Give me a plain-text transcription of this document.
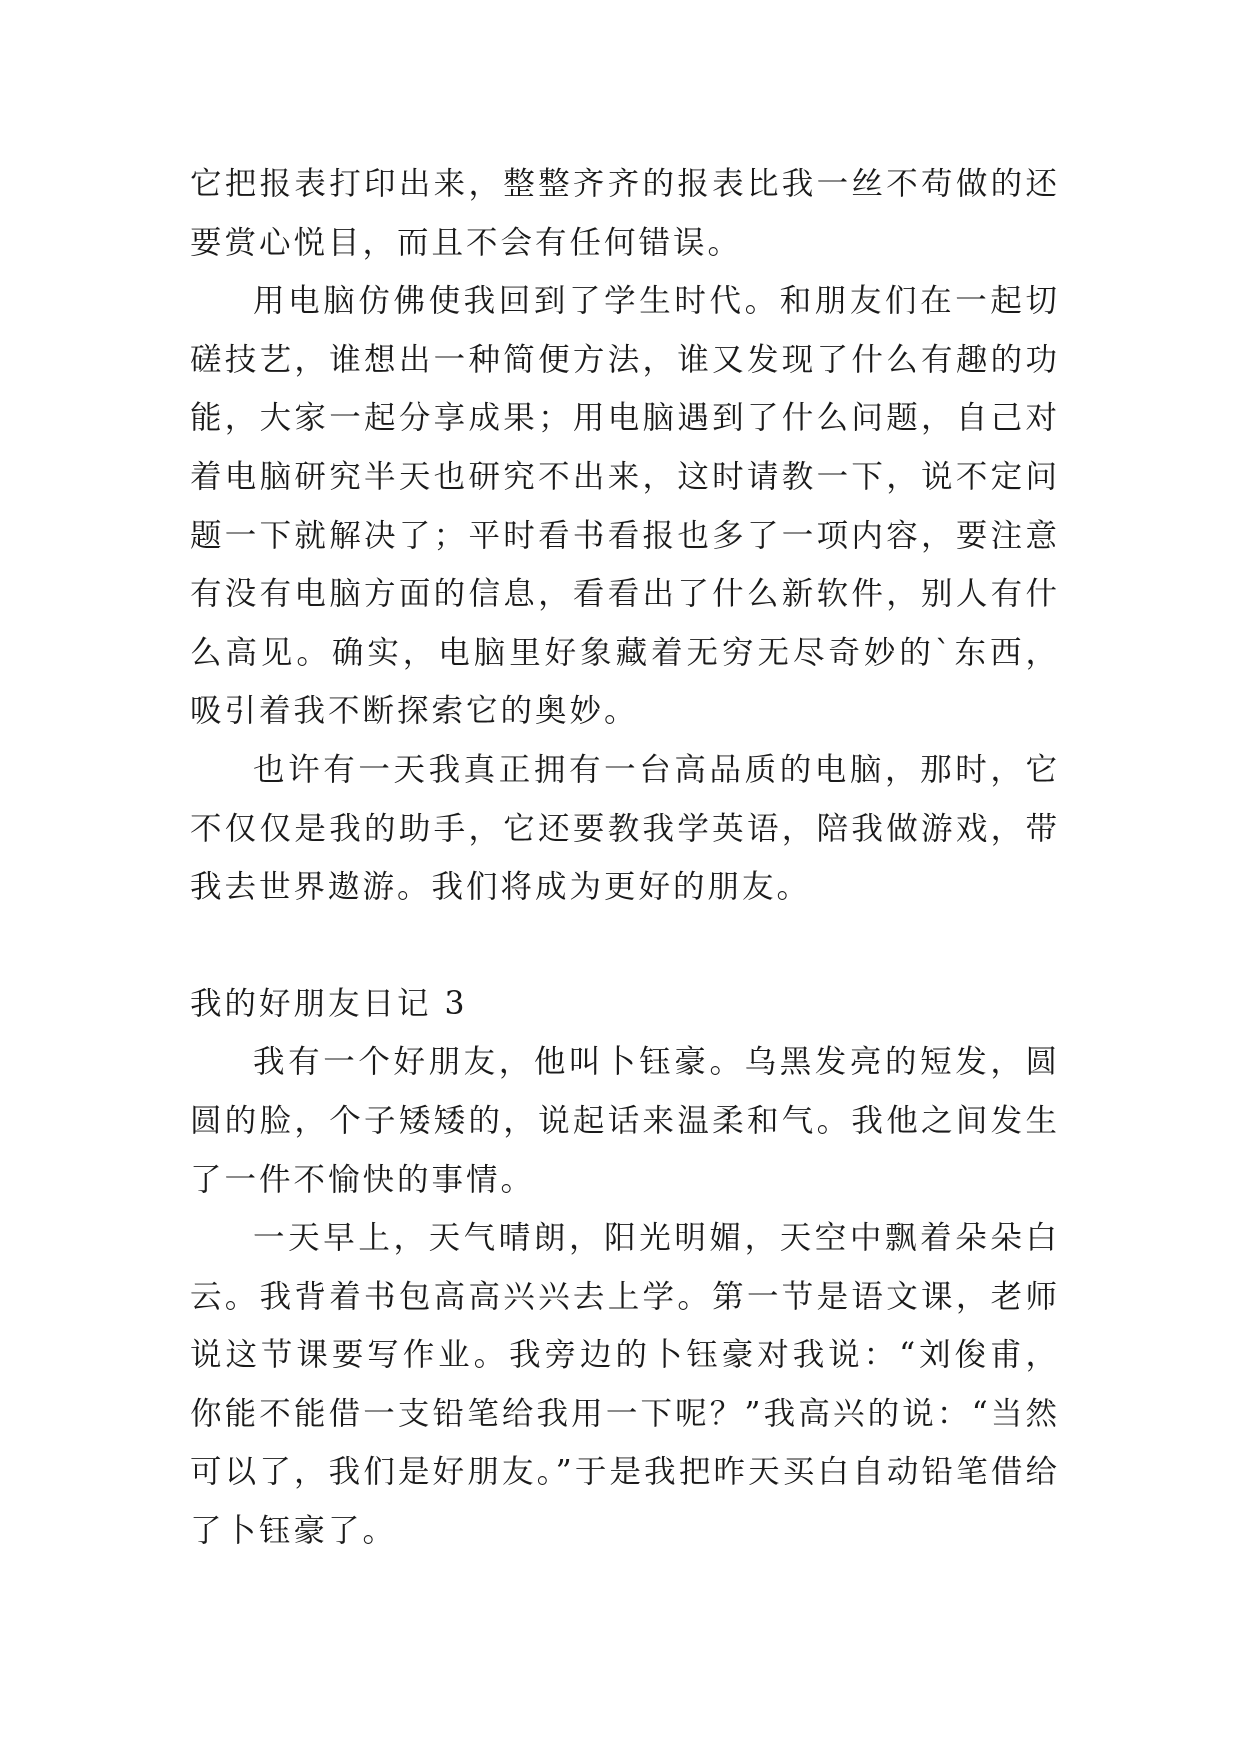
它把报表打印出来，整整齐齐的报表比我一丝不苟做的还要赏心悦目，而且不会有任何错误。

用电脑仿佛使我回到了学生时代。和朋友们在一起切磋技艺，谁想出一种简便方法，谁又发现了什么有趣的功能，大家一起分享成果；用电脑遇到了什么问题，自己对着电脑研究半天也研究不出来，这时请教一下，说不定问题一下就解决了；平时看书看报也多了一项内容，要注意有没有电脑方面的信息，看看出了什么新软件，别人有什么高见。确实，电脑里好象藏着无穷无尽奇妙的`东西，吸引着我不断探索它的奥妙。

也许有一天我真正拥有一台高品质的电脑，那时，它不仅仅是我的助手，它还要教我学英语，陪我做游戏，带我去世界遨游。我们将成为更好的朋友。

我的好朋友日记 3

我有一个好朋友，他叫卜钰豪。乌黑发亮的短发，圆圆的脸，个子矮矮的，说起话来温柔和气。我他之间发生了一件不愉快的事情。

一天早上，天气晴朗，阳光明媚，天空中飘着朵朵白云。我背着书包高高兴兴去上学。第一节是语文课，老师说这节课要写作业。我旁边的卜钰豪对我说：“刘俊甫，你能不能借一支铅笔给我用一下呢？”我高兴的说：“当然可以了，我们是好朋友。”于是我把昨天买白自动铅笔借给了卜钰豪了。
